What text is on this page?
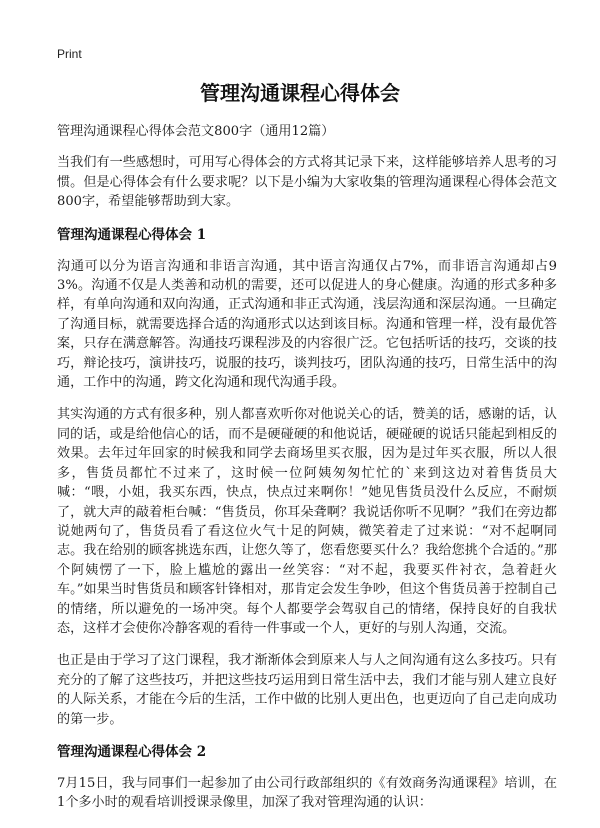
Print
管理沟通课程心得体会

管理沟通课程心得体会范文800字（通用12篇）

当我们有一些感想时，可用写心得体会的方式将其记录下来，这样能够培养人思考的习惯。但是心得体会有什么要求呢？以下是小编为大家收集的管理沟通课程心得体会范文800字，希望能够帮助到大家。

管理沟通课程心得体会 1

沟通可以分为语言沟通和非语言沟通，其中语言沟通仅占7%，而非语言沟通却占93%。沟通不仅是人类善和动机的需要，还可以促进人的身心健康。沟通的形式多种多样，有单向沟通和双向沟通，正式沟通和非正式沟通，浅层沟通和深层沟通。一旦确定了沟通目标，就需要选择合适的沟通形式以达到该目标。沟通和管理一样，没有最优答案，只存在满意解答。沟通技巧课程涉及的内容很广泛。它包括听话的技巧，交谈的技巧，辩论技巧，演讲技巧，说服的技巧，谈判技巧，团队沟通的技巧，日常生活中的沟通，工作中的沟通，跨文化沟通和现代沟通手段。

其实沟通的方式有很多种，别人都喜欢听你对他说关心的话，赞美的话，感谢的话，认同的话，或是给他信心的话，而不是硬碰硬的和他说话，硬碰硬的说话只能起到相反的效果。去年过年回家的时候我和同学去商场里买衣服，因为是过年买衣服，所以人很多，售货员都忙不过来了，这时候一位阿姨匆匆忙忙的`来到这边对着售货员大喊：“喂，小姐，我买东西，快点，快点过来啊你！”她见售货员没什么反应，不耐烦了，就大声的敲着柜台喊：“售货员，你耳朵聋啊？我说话你听不见啊？”我们在旁边都说她两句了，售货员看了看这位火气十足的阿姨，微笑着走了过来说：“对不起啊同志。我在给别的顾客挑选东西，让您久等了，您看您要买什么？我给您挑个合适的。”那个阿姨愣了一下，脸上尴尬的露出一丝笑容：“对不起，我要买件衬衣，急着赶火车。”如果当时售货员和顾客针锋相对，那肯定会发生争吵，但这个售货员善于控制自己的情绪，所以避免的一场冲突。每个人都要学会驾驭自己的情绪，保持良好的自我状态，这样才会使你冷静客观的看待一件事或一个人，更好的与别人沟通，交流。

也正是由于学习了这门课程，我才渐渐体会到原来人与人之间沟通有这么多技巧。只有充分的了解了这些技巧，并把这些技巧运用到日常生活中去，我们才能与别人建立良好的人际关系，才能在今后的生活，工作中做的比别人更出色，也更迈向了自己走向成功的第一步。

管理沟通课程心得体会 2

7月15日，我与同事们一起参加了由公司行政部组织的《有效商务沟通课程》培训，在1个多小时的观看培训授课录像里，加深了我对管理沟通的认识：
